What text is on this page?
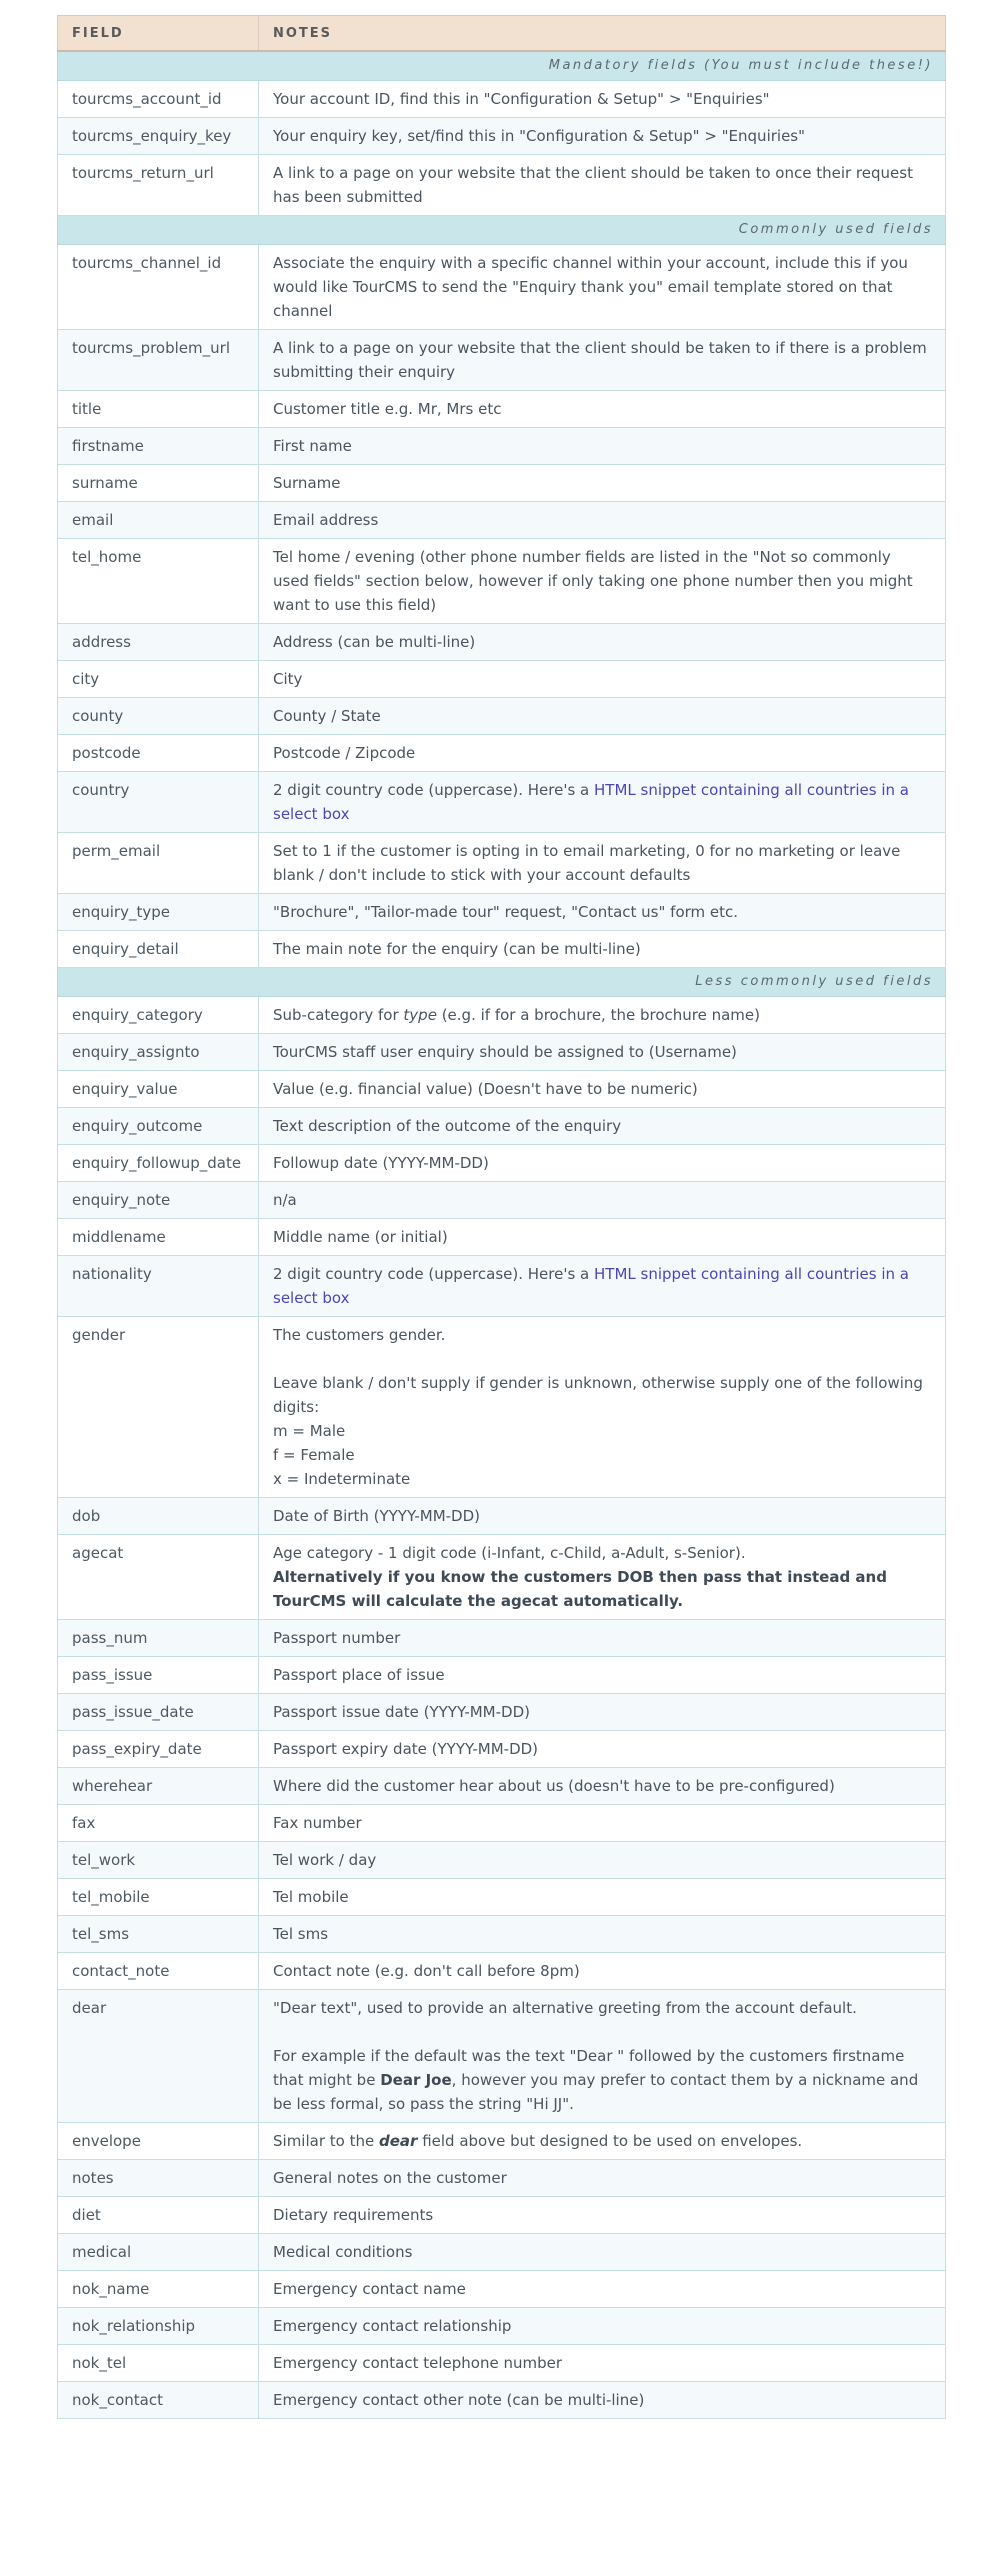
FIELD	NOTES
Mandatory fields (You must include these!)	
tourcms_account_id	Your account ID, find this in "Configuration & Setup" > "Enquiries"
tourcms_enquiry_key	Your enquiry key, set/find this in "Configuration & Setup" > "Enquiries"
tourcms_return_url	A link to a page on your website that the client should be taken to once their request has been submitted
Commonly used fields	
tourcms_channel_id	Associate the enquiry with a specific channel within your account, include this if you would like TourCMS to send the "Enquiry thank you" email template stored on that channel
tourcms_problem_url	A link to a page on your website that the client should be taken to if there is a problem submitting their enquiry
title	Customer title e.g. Mr, Mrs etc
firstname	First name
surname	Surname
email	Email address
tel_home	Tel home / evening (other phone number fields are listed in the "Not so commonly used fields" section below, however if only taking one phone number then you might want to use this field)
address	Address (can be multi-line)
city	City
county	County / State
postcode	Postcode / Zipcode
country	2 digit country code (uppercase). Here's a HTML snippet containing all countries in a select box
perm_email	Set to 1 if the customer is opting in to email marketing, 0 for no marketing or leave blank / don't include to stick with your account defaults
enquiry_type	"Brochure", "Tailor-made tour" request, "Contact us" form etc.
enquiry_detail	The main note for the enquiry (can be multi-line)
Less commonly used fields	
enquiry_category	Sub-category for type (e.g. if for a brochure, the brochure name)
enquiry_assignto	TourCMS staff user enquiry should be assigned to (Username)
enquiry_value	Value (e.g. financial value) (Doesn't have to be numeric)
enquiry_outcome	Text description of the outcome of the enquiry
enquiry_followup_date	Followup date (YYYY-MM-DD)
enquiry_note	n/a
middlename	Middle name (or initial)
nationality	2 digit country code (uppercase). Here's a HTML snippet containing all countries in a select box
gender	The customers gender.
Leave blank / don't supply if gender is unknown, otherwise supply one of the following digits:
m = Male
f = Female
x = Indeterminate

dob	Date of Birth (YYYY-MM-DD)
agecat	Age category - 1 digit code (i-Infant, c-Child, a-Adult, s-Senior).
Alternatively if you know the customers DOB then pass that instead and TourCMS will calculate the agecat automatically.

pass_num	Passport number
pass_issue	Passport place of issue
pass_issue_date	Passport issue date (YYYY-MM-DD)
pass_expiry_date	Passport expiry date (YYYY-MM-DD)
wherehear	Where did the customer hear about us (doesn't have to be pre-configured)
fax	Fax number
tel_work	Tel work / day
tel_mobile	Tel mobile
tel_sms	Tel sms
contact_note	Contact note (e.g. don't call before 8pm)
dear	"Dear text", used to provide an alternative greeting from the account default.
For example if the default was the text "Dear " followed by the customers firstname that might be Dear Joe, however you may prefer to contact them by a nickname and be less formal, so pass the string "Hi JJ".

envelope	Similar to the dear field above but designed to be used on envelopes.
notes	General notes on the customer
diet	Dietary requirements
medical	Medical conditions
nok_name	Emergency contact name
nok_relationship	Emergency contact relationship
nok_tel	Emergency contact telephone number
nok_contact	Emergency contact other note (can be multi-line)
